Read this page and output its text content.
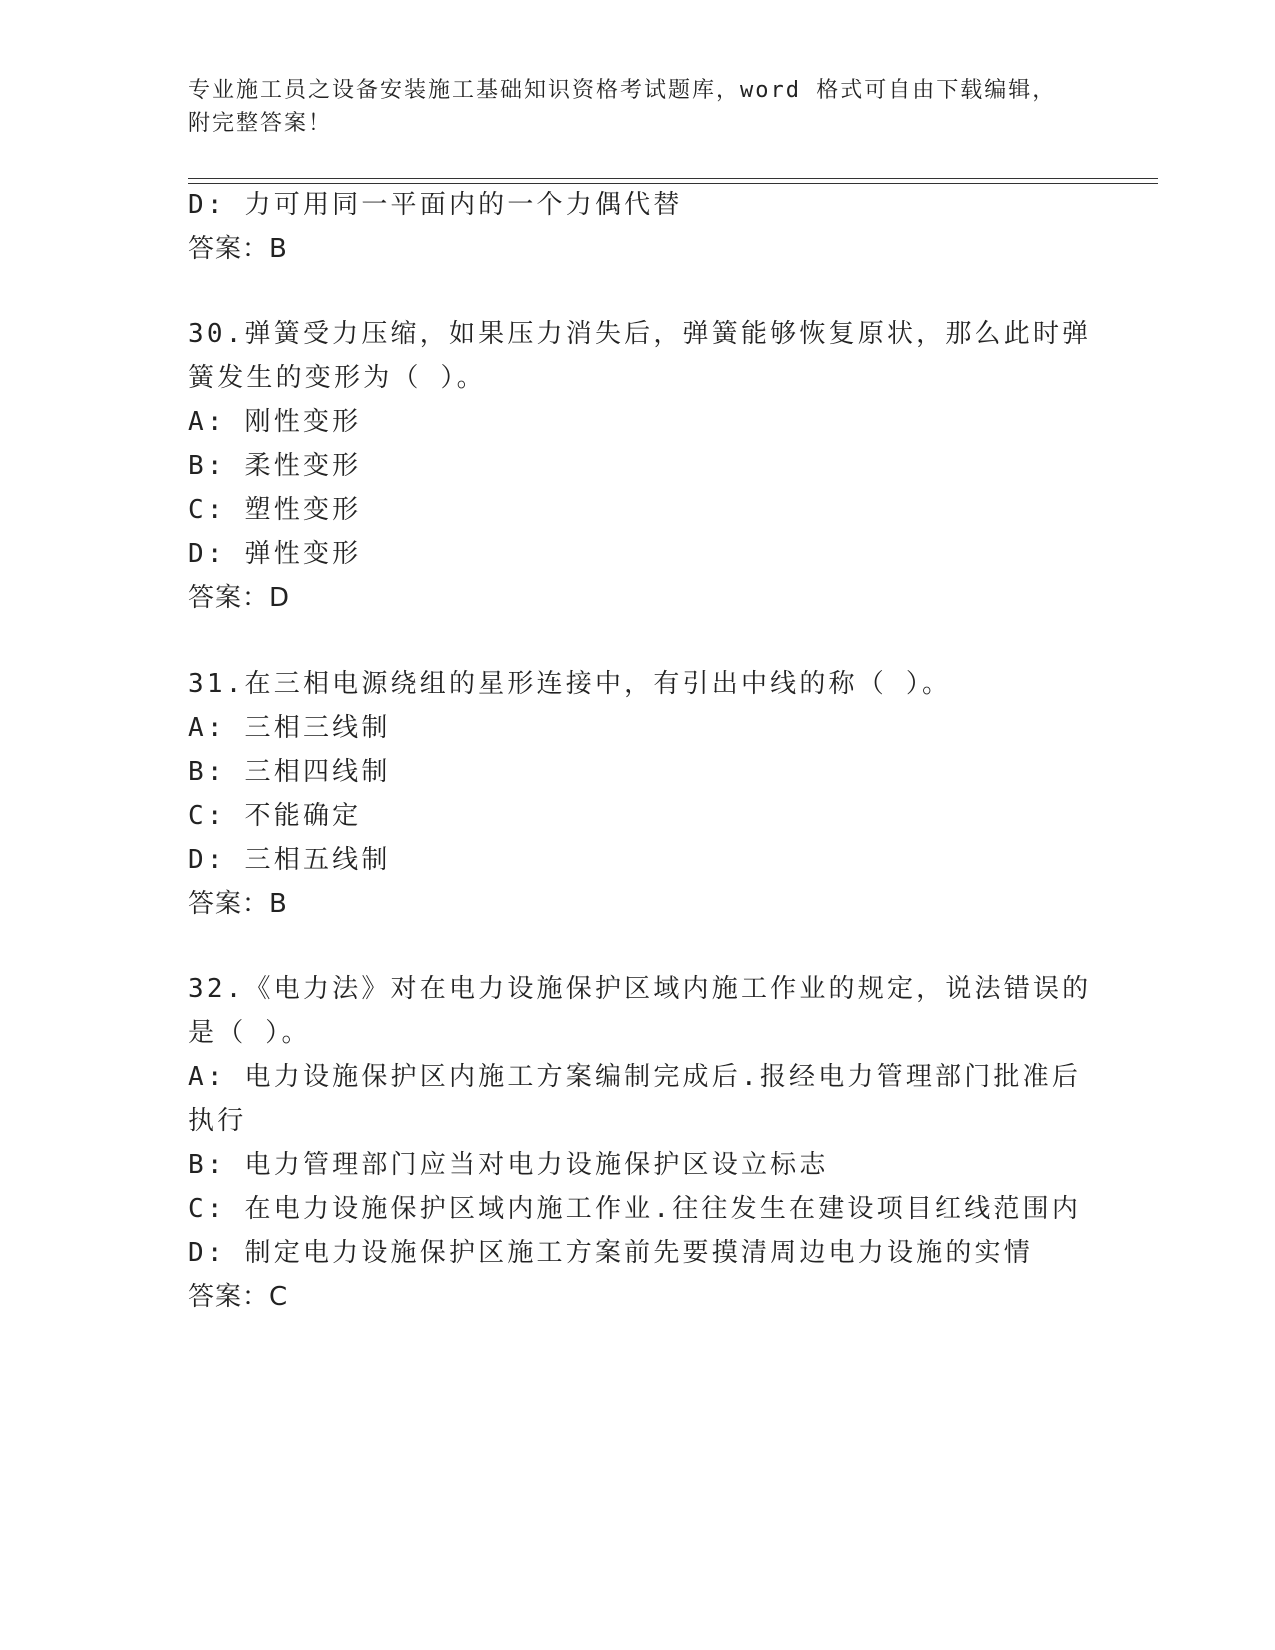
专业施工员之设备安装施工基础知识资格考试题库，word 格式可自由下载编辑，
附完整答案！
D: 力可用同一平面内的一个力偶代替
答案：B
30.弹簧受力压缩，如果压力消失后，弹簧能够恢复原状，那么此时弹
簧发生的变形为（ ）。
A: 刚性变形
B: 柔性变形
C: 塑性变形
D: 弹性变形
答案：D
31.在三相电源绕组的星形连接中，有引出中线的称（ ）。
A: 三相三线制
B: 三相四线制
C: 不能确定
D: 三相五线制
答案：B
32.《电力法》对在电力设施保护区域内施工作业的规定，说法错误的
是（ ）。
A: 电力设施保护区内施工方案编制完成后.报经电力管理部门批准后
执行
B: 电力管理部门应当对电力设施保护区设立标志
C: 在电力设施保护区域内施工作业.往往发生在建设项目红线范围内
D: 制定电力设施保护区施工方案前先要摸清周边电力设施的实情
答案：C
